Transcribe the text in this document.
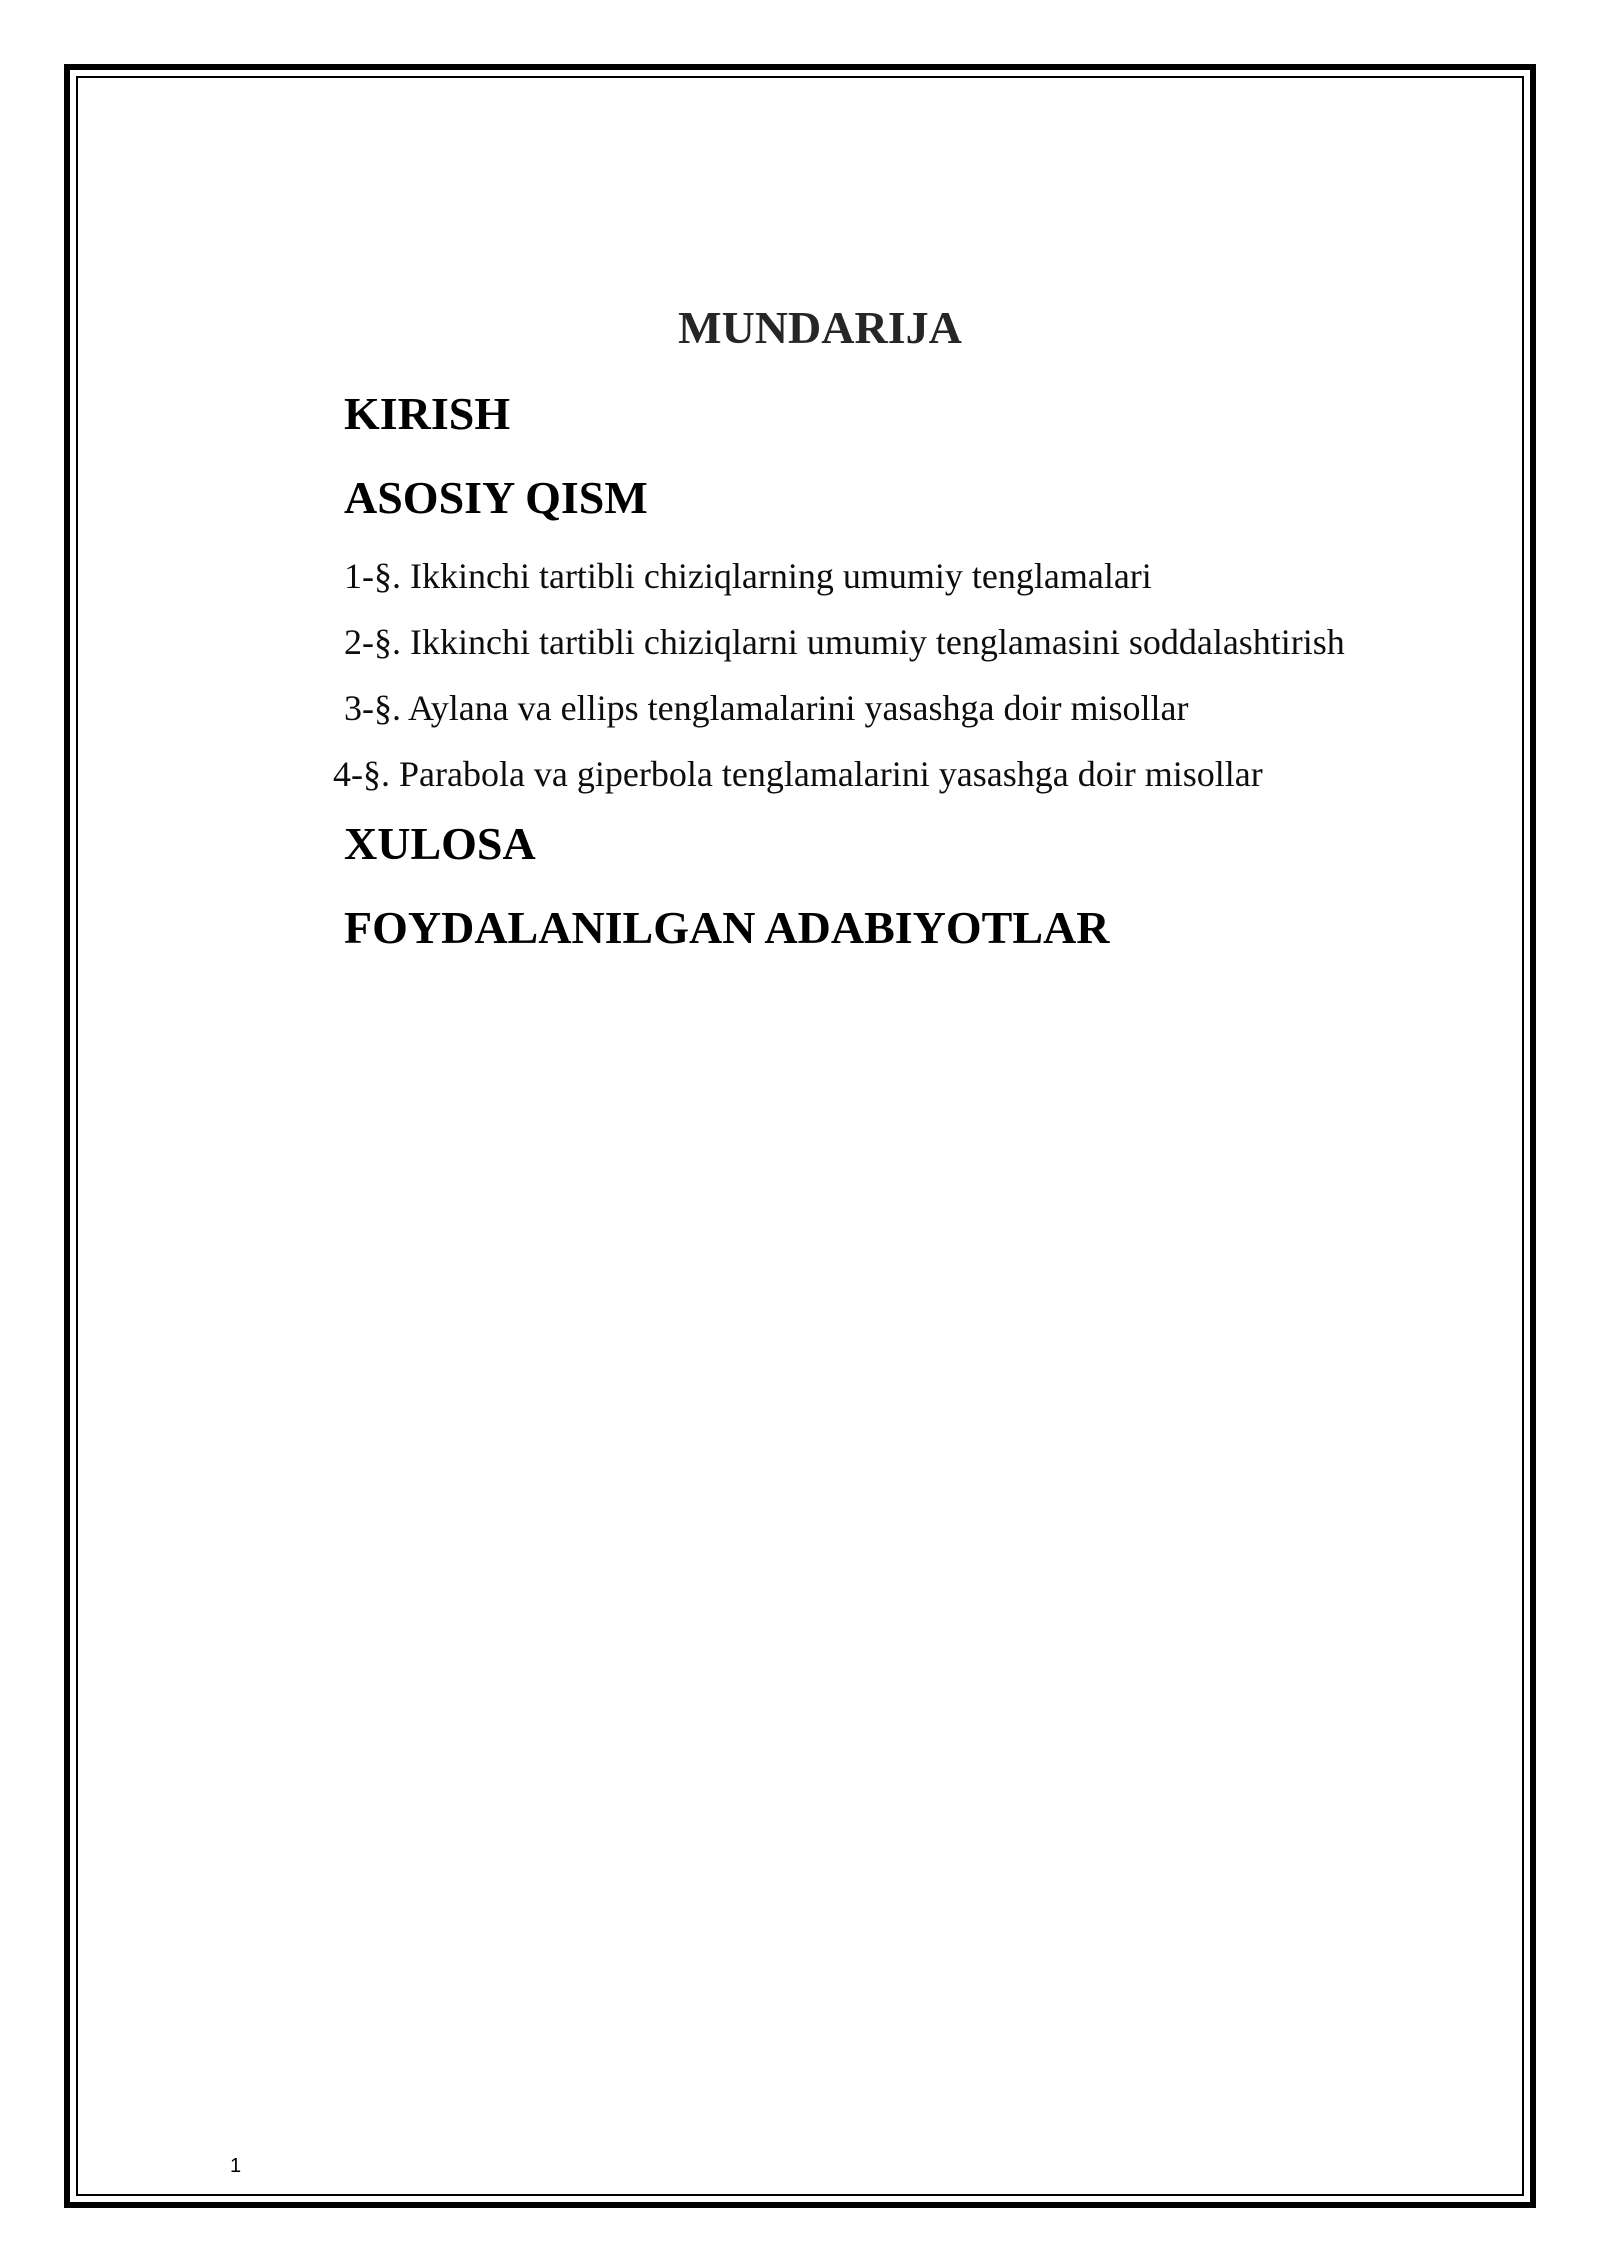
MUNDARIJA
KIRISH
ASOSIY QISM

1-§. Ikkinchi tartibli chiziqlarning umumiy tenglamalari

2-§. Ikkinchi tartibli chiziqlarni umumiy tenglamasini soddalashtirish

3-§. Aylana va ellips tenglamalarini yasashga doir misollar

4-§. Parabola va giperbola tenglamalarini yasashga doir misollar

XULOSA
FOYDALANILGAN ADABIYOTLAR
1
